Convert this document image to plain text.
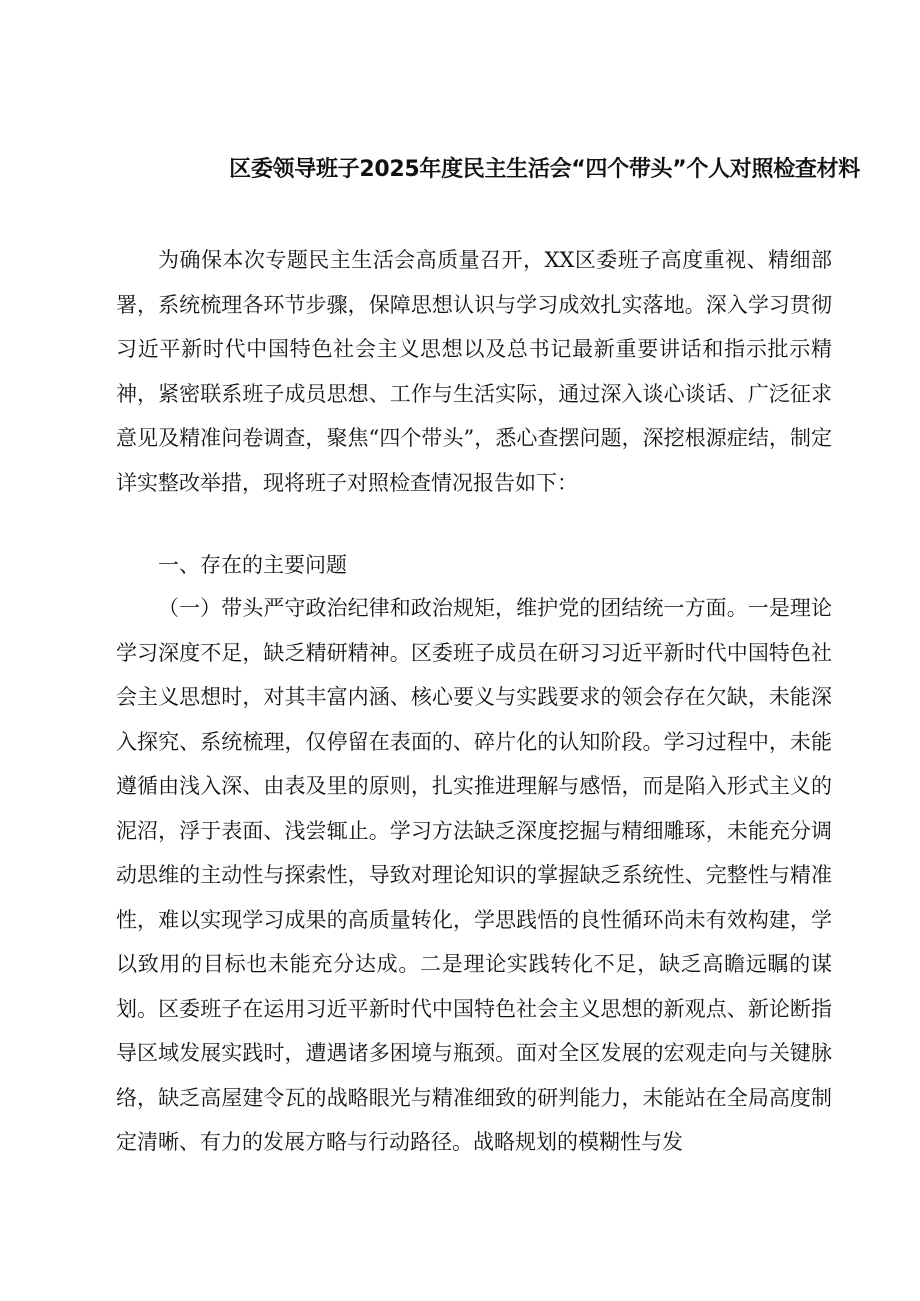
区委领导班子2025年度民主生活会“四个带头”个人对照检查材料

为确保本次专题民主生活会高质量召开，XX区委班子高度重视、精细部署，系统梳理各环节步骤，保障思想认识与学习成效扎实落地。深入学习贯彻习近平新时代中国特色社会主义思想以及总书记最新重要讲话和指示批示精神，紧密联系班子成员思想、工作与生活实际，通过深入谈心谈话、广泛征求意见及精准问卷调查，聚焦“四个带头”，悉心查摆问题，深挖根源症结，制定详实整改举措，现将班子对照检查情况报告如下：

一、存在的主要问题

（一）带头严守政治纪律和政治规矩，维护党的团结统一方面。一是理论学习深度不足，缺乏精研精神。区委班子成员在研习习近平新时代中国特色社会主义思想时，对其丰富内涵、核心要义与实践要求的领会存在欠缺，未能深入探究、系统梳理，仅停留在表面的、碎片化的认知阶段。学习过程中，未能遵循由浅入深、由表及里的原则，扎实推进理解与感悟，而是陷入形式主义的泥沼，浮于表面、浅尝辄止。学习方法缺乏深度挖掘与精细雕琢，未能充分调动思维的主动性与探索性，导致对理论知识的掌握缺乏系统性、完整性与精准性，难以实现学习成果的高质量转化，学思践悟的良性循环尚未有效构建，学以致用的目标也未能充分达成。二是理论实践转化不足，缺乏高瞻远瞩的谋划。区委班子在运用习近平新时代中国特色社会主义思想的新观点、新论断指导区域发展实践时，遭遇诸多困境与瓶颈。面对全区发展的宏观走向与关键脉络，缺乏高屋建令瓦的战略眼光与精准细致的研判能力，未能站在全局高度制定清晰、有力的发展方略与行动路径。战略规划的模糊性与发
